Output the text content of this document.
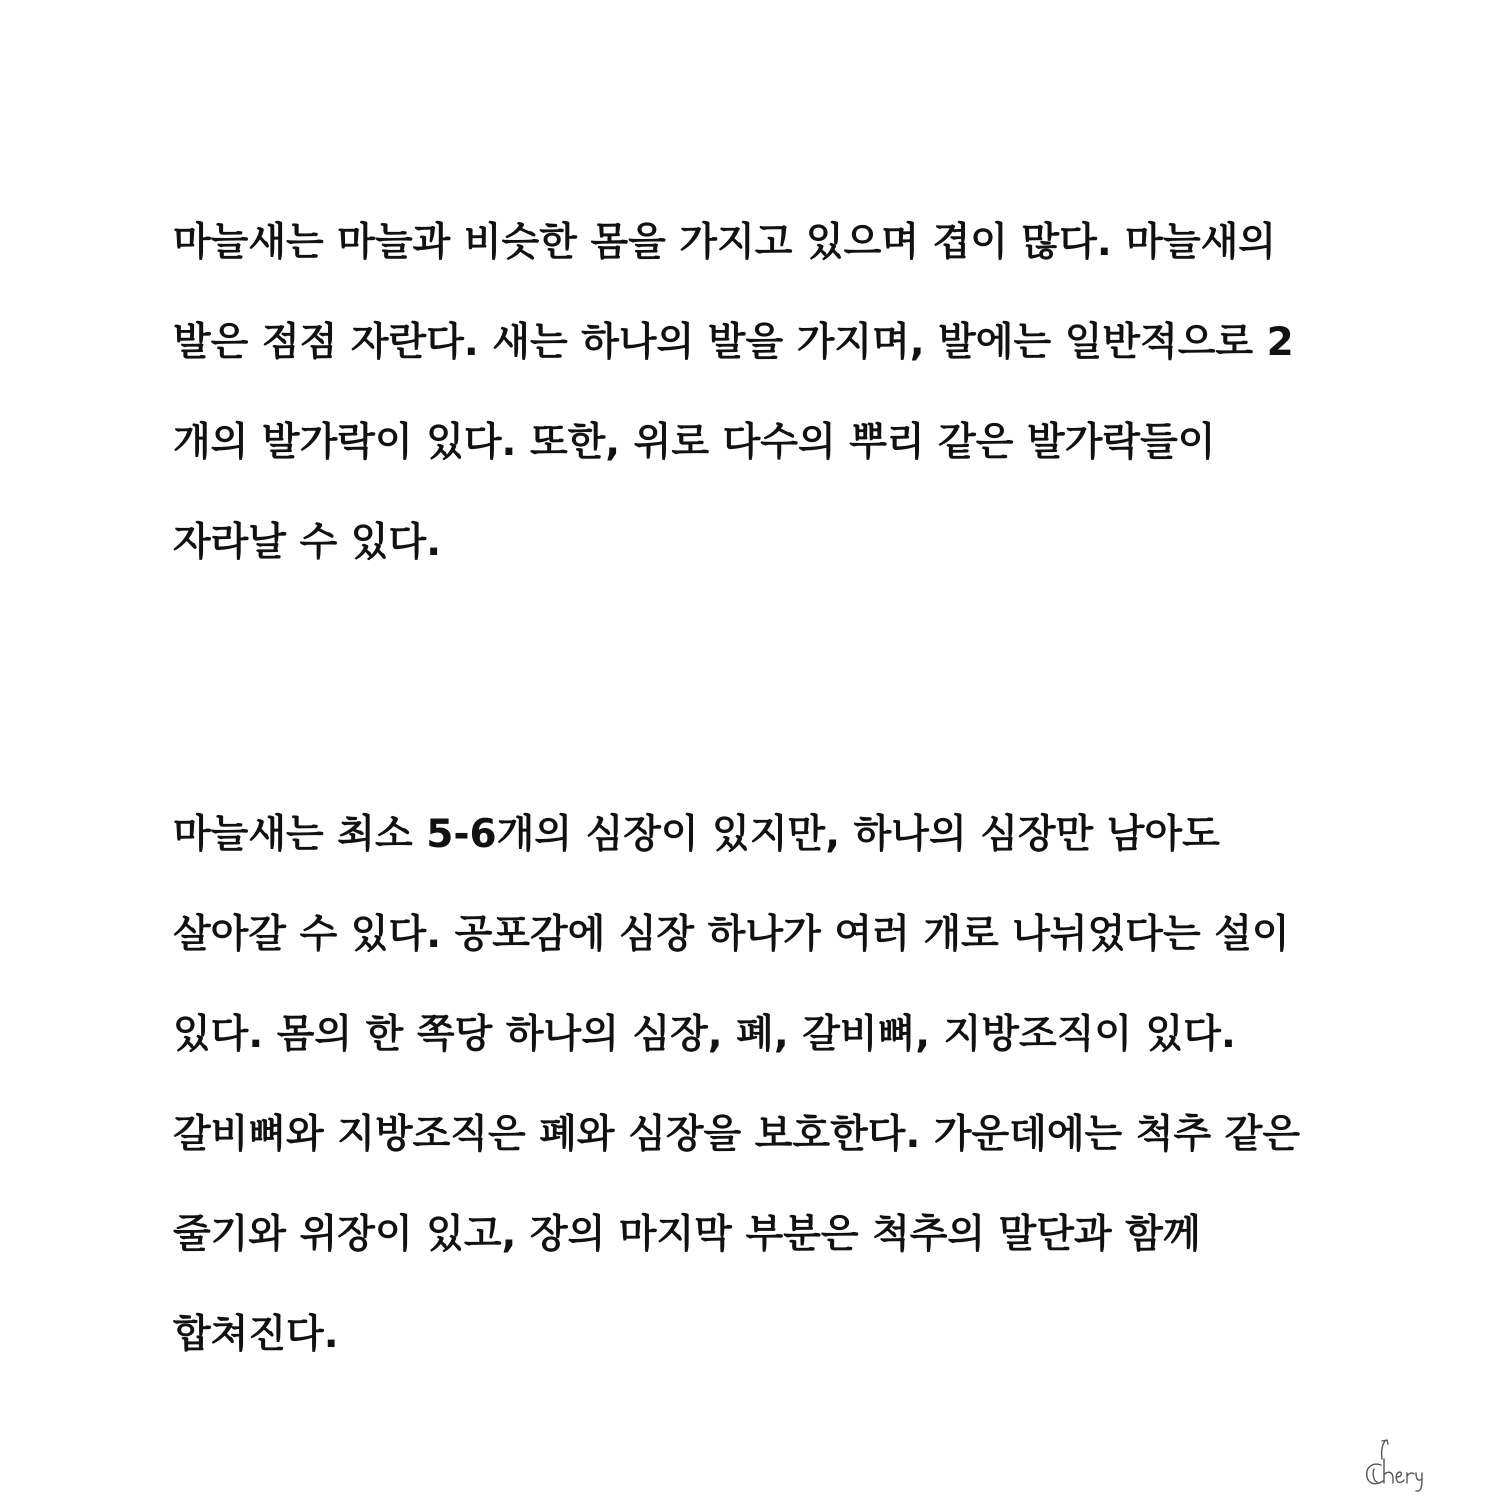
마늘새는 마늘과 비슷한 몸을 가지고 있으며 겹이 많다. 마늘새의
발은 점점 자란다. 새는 하나의 발을 가지며, 발에는 일반적으로 2
개의 발가락이 있다. 또한, 위로 다수의 뿌리 같은 발가락들이
자라날 수 있다.
마늘새는 최소 5-6개의 심장이 있지만, 하나의 심장만 남아도
살아갈 수 있다. 공포감에 심장 하나가 여러 개로 나뉘었다는 설이
있다. 몸의 한 쪽당 하나의 심장, 폐, 갈비뼈, 지방조직이 있다.
갈비뼈와 지방조직은 폐와 심장을 보호한다. 가운데에는 척추 같은
줄기와 위장이 있고, 장의 마지막 부분은 척추의 말단과 함께
합쳐진다.
